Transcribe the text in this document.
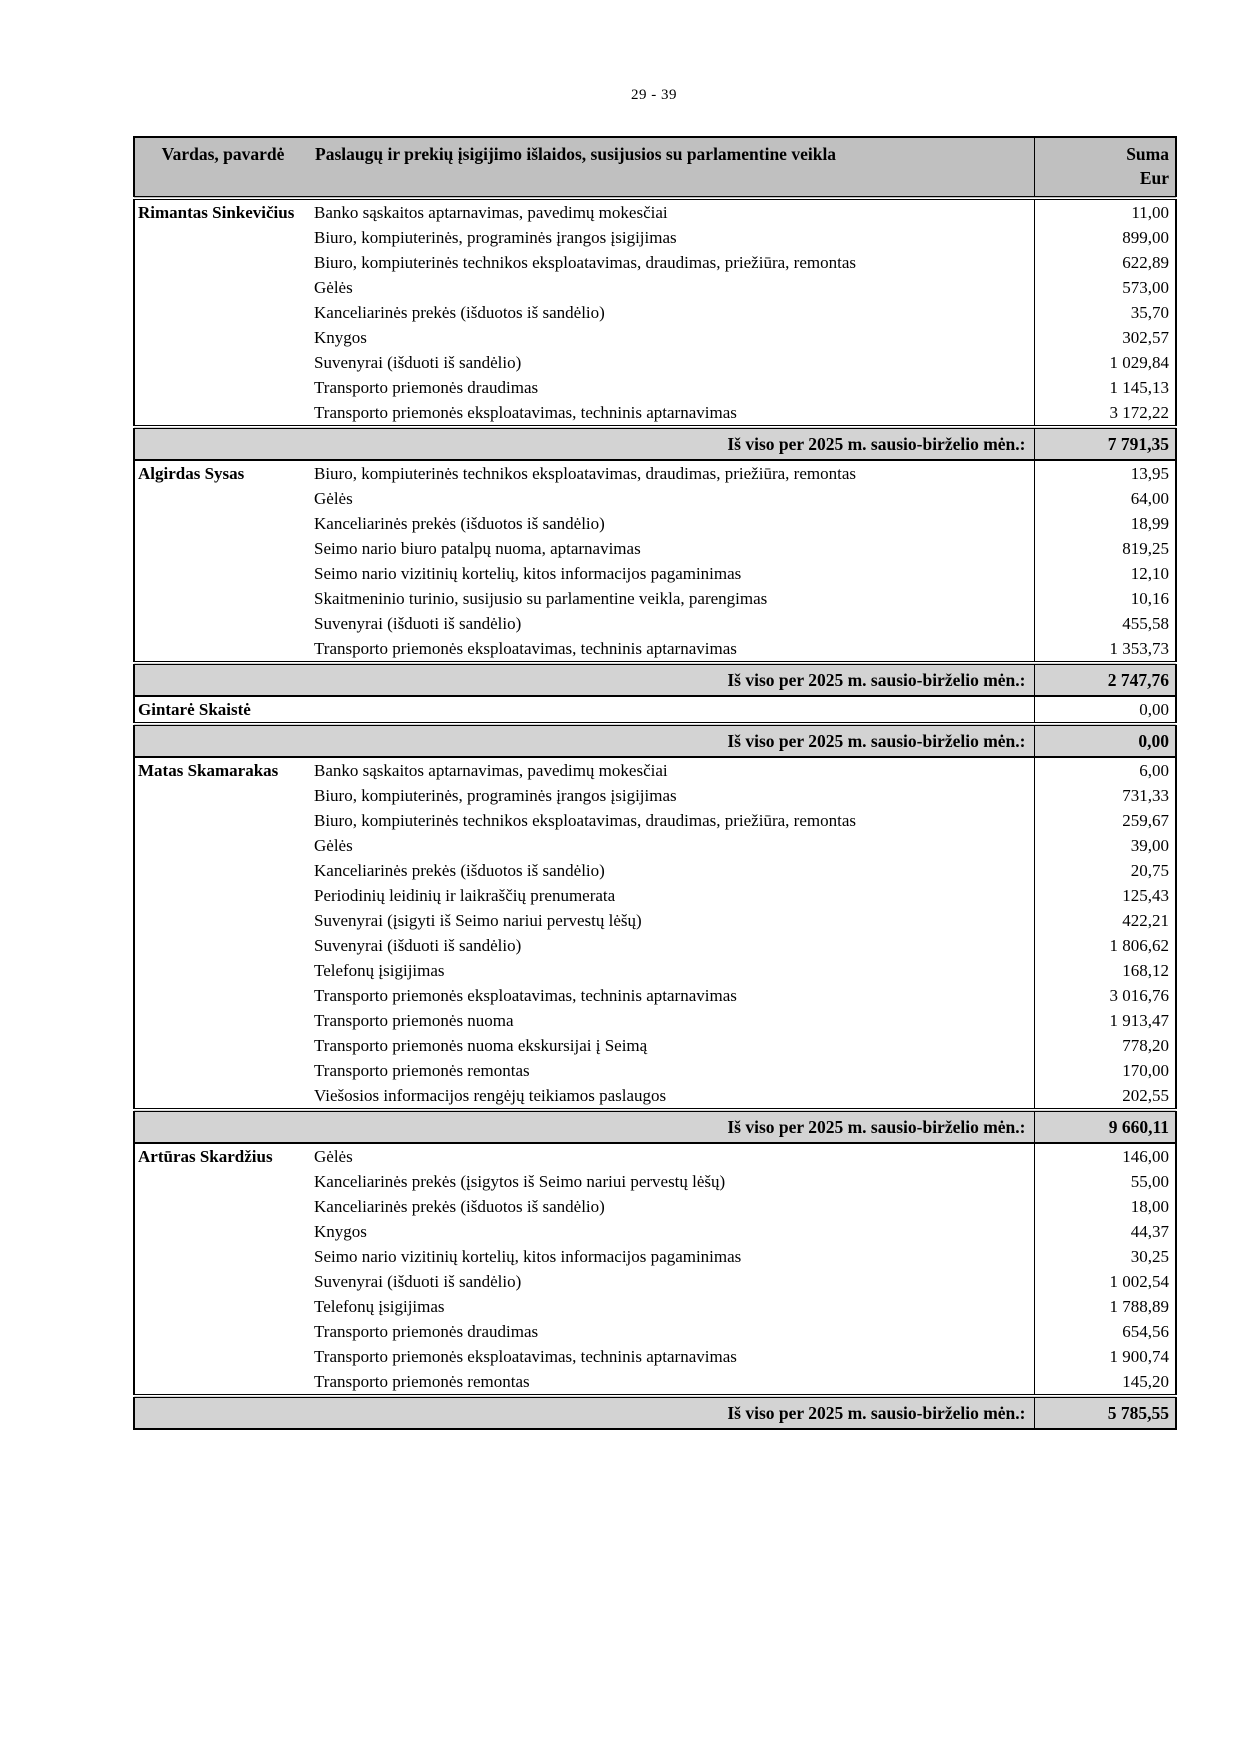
29 - 39
Vardas, pavardė	Paslaugų ir prekių įsigijimo išlaidos, susijusios su parlamentine veikla	Suma
Eur

Rimantas Sinkevičius	Banko sąskaitos aptarnavimas, pavedimų mokesčiai	11,00
	Biuro, kompiuterinės, programinės įrangos įsigijimas	899,00
	Biuro, kompiuterinės technikos eksploatavimas, draudimas, priežiūra, remontas	622,89
	Gėlės	573,00
	Kanceliarinės prekės (išduotos iš sandėlio)	35,70
	Knygos	302,57
	Suvenyrai (išduoti iš sandėlio)	1 029,84
	Transporto priemonės draudimas	1 145,13
	Transporto priemonės eksploatavimas, techninis aptarnavimas	3 172,22
Iš viso per 2025 m. sausio-birželio mėn.:		7 791,35
Algirdas Sysas	Biuro, kompiuterinės technikos eksploatavimas, draudimas, priežiūra, remontas	13,95
	Gėlės	64,00
	Kanceliarinės prekės (išduotos iš sandėlio)	18,99
	Seimo nario biuro patalpų nuoma, aptarnavimas	819,25
	Seimo nario vizitinių kortelių, kitos informacijos pagaminimas	12,10
	Skaitmeninio turinio, susijusio su parlamentine veikla, parengimas	10,16
	Suvenyrai (išduoti iš sandėlio)	455,58
	Transporto priemonės eksploatavimas, techninis aptarnavimas	1 353,73
Iš viso per 2025 m. sausio-birželio mėn.:		2 747,76
Gintarė Skaistė		0,00
Iš viso per 2025 m. sausio-birželio mėn.:		0,00
Matas Skamarakas	Banko sąskaitos aptarnavimas, pavedimų mokesčiai	6,00
	Biuro, kompiuterinės, programinės įrangos įsigijimas	731,33
	Biuro, kompiuterinės technikos eksploatavimas, draudimas, priežiūra, remontas	259,67
	Gėlės	39,00
	Kanceliarinės prekės (išduotos iš sandėlio)	20,75
	Periodinių leidinių ir laikraščių prenumerata	125,43
	Suvenyrai (įsigyti iš Seimo nariui pervestų lėšų)	422,21
	Suvenyrai (išduoti iš sandėlio)	1 806,62
	Telefonų įsigijimas	168,12
	Transporto priemonės eksploatavimas, techninis aptarnavimas	3 016,76
	Transporto priemonės nuoma	1 913,47
	Transporto priemonės nuoma ekskursijai į Seimą	778,20
	Transporto priemonės remontas	170,00
	Viešosios informacijos rengėjų teikiamos paslaugos	202,55
Iš viso per 2025 m. sausio-birželio mėn.:		9 660,11
Artūras Skardžius	Gėlės	146,00
	Kanceliarinės prekės (įsigytos iš Seimo nariui pervestų lėšų)	55,00
	Kanceliarinės prekės (išduotos iš sandėlio)	18,00
	Knygos	44,37
	Seimo nario vizitinių kortelių, kitos informacijos pagaminimas	30,25
	Suvenyrai (išduoti iš sandėlio)	1 002,54
	Telefonų įsigijimas	1 788,89
	Transporto priemonės draudimas	654,56
	Transporto priemonės eksploatavimas, techninis aptarnavimas	1 900,74
	Transporto priemonės remontas	145,20
Iš viso per 2025 m. sausio-birželio mėn.:		5 785,55
